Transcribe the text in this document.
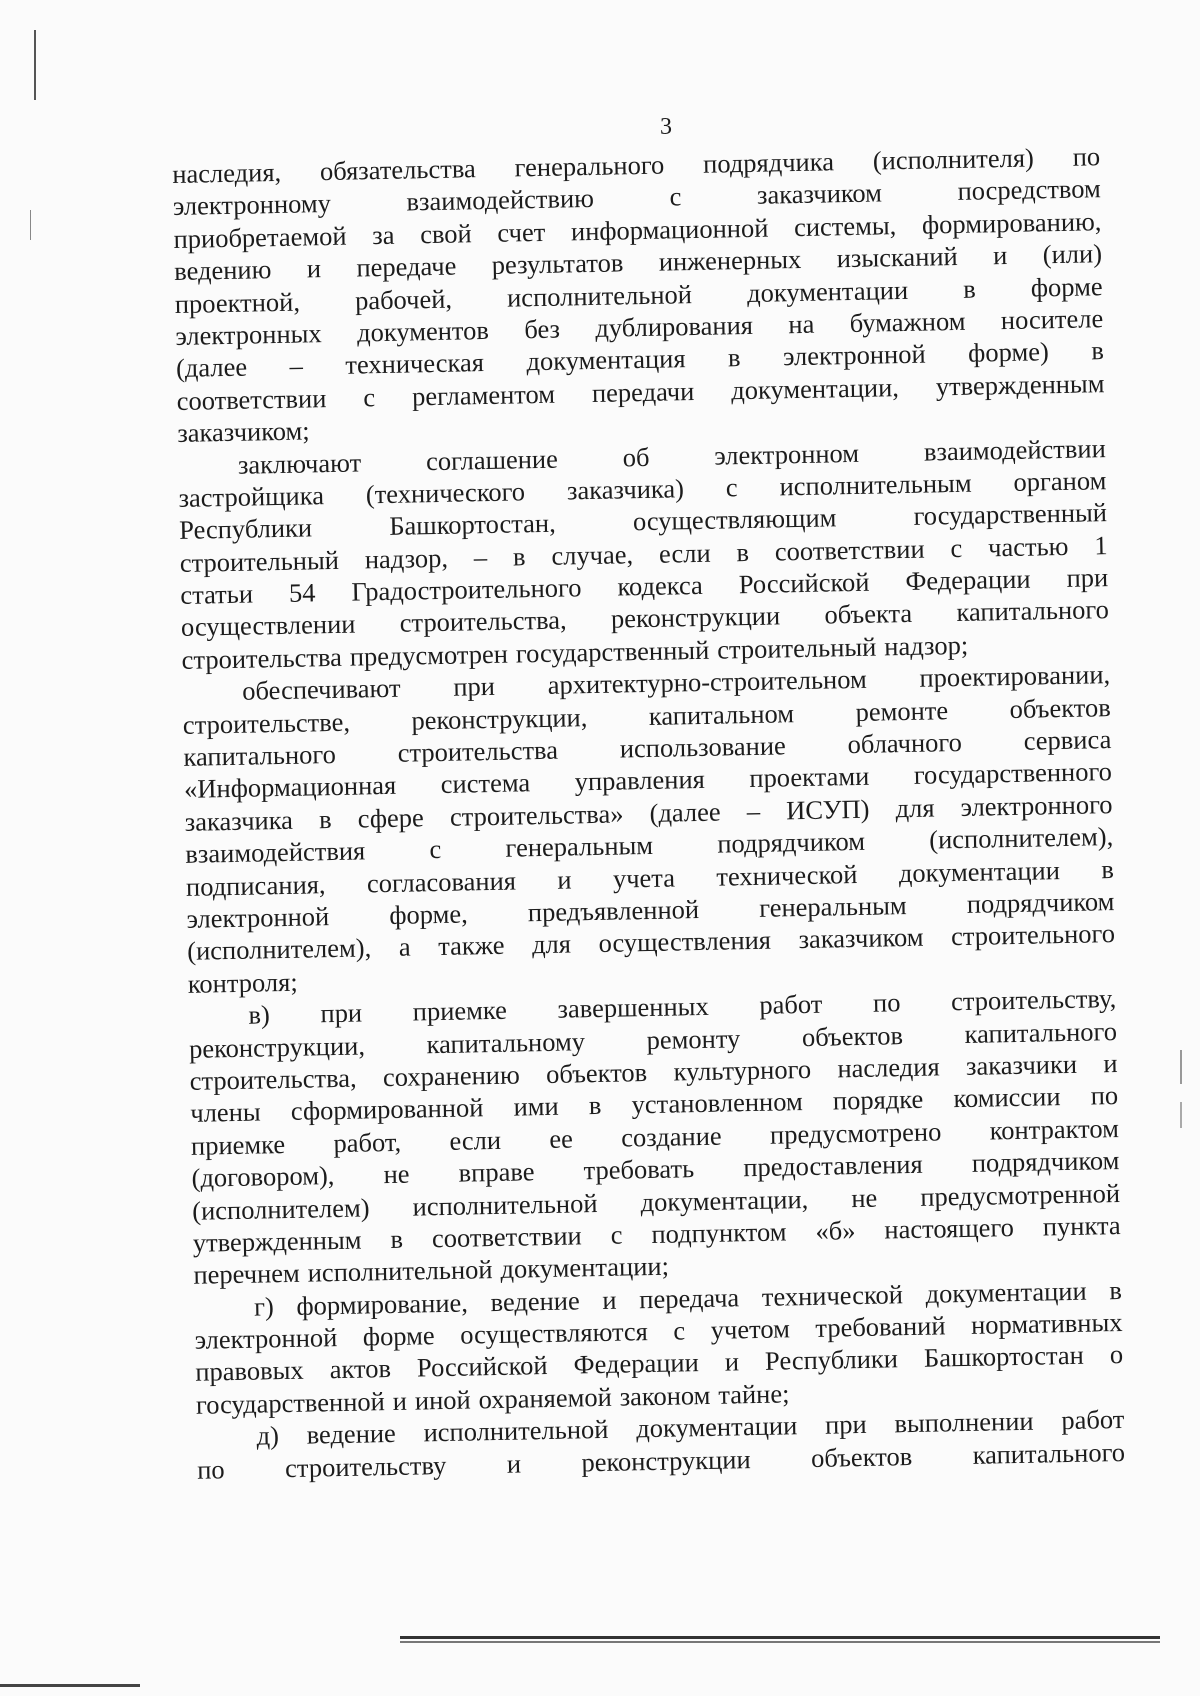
3
наследия, обязательства генерального подрядчика (исполнителя) по
электронному	взаимодействию	с	заказчиком	посредством
приобретаемой за свой счет информационной системы, формированию,
ведению и передаче результатов инженерных изысканий и (или)
проектной, рабочей, исполнительной документации в форме
электронных документов без дублирования на бумажном носителе
(далее – техническая документация в электронной форме) в
соответствии с регламентом передачи документации, утвержденным
заказчиком;
заключают соглашение об электронном взаимодействии
застройщика (технического заказчика) с исполнительным органом
Республики	Башкортостан,	осуществляющим	государственный
строительный надзор, – в случае, если в соответствии с частью 1
статьи 54 Градостроительного кодекса Российской Федерации при
осуществлении строительства, реконструкции объекта капитального
строительства предусмотрен государственный строительный надзор;
обеспечивают при архитектурно-строительном проектировании,
строительстве, реконструкции, капитальном ремонте объектов
капитального строительства использование облачного сервиса
«Информационная система управления проектами государственного
заказчика в сфере строительства» (далее – ИСУП) для электронного
взаимодействия с генеральным подрядчиком (исполнителем),
подписания, согласования и учета технической документации в
электронной форме, предъявленной генеральным подрядчиком
(исполнителем), а также для осуществления заказчиком строительного
контроля;
в) при приемке завершенных работ по строительству,
реконструкции, капитальному ремонту объектов капитального
строительства, сохранению объектов культурного наследия заказчики и
члены сформированной ими в установленном порядке комиссии по
приемке работ, если ее создание предусмотрено контрактом
(договором), не вправе требовать предоставления подрядчиком
(исполнителем) исполнительной документации, не предусмотренной
утвержденным в соответствии с подпунктом «б» настоящего пункта
перечнем исполнительной документации;
г) формирование, ведение и передача технической документации в
электронной форме осуществляются с учетом требований нормативных
правовых актов Российской Федерации и Республики Башкортостан о
государственной и иной охраняемой законом тайне;
д) ведение исполнительной документации при выполнении работ
по строительству и реконструкции объектов капитального
